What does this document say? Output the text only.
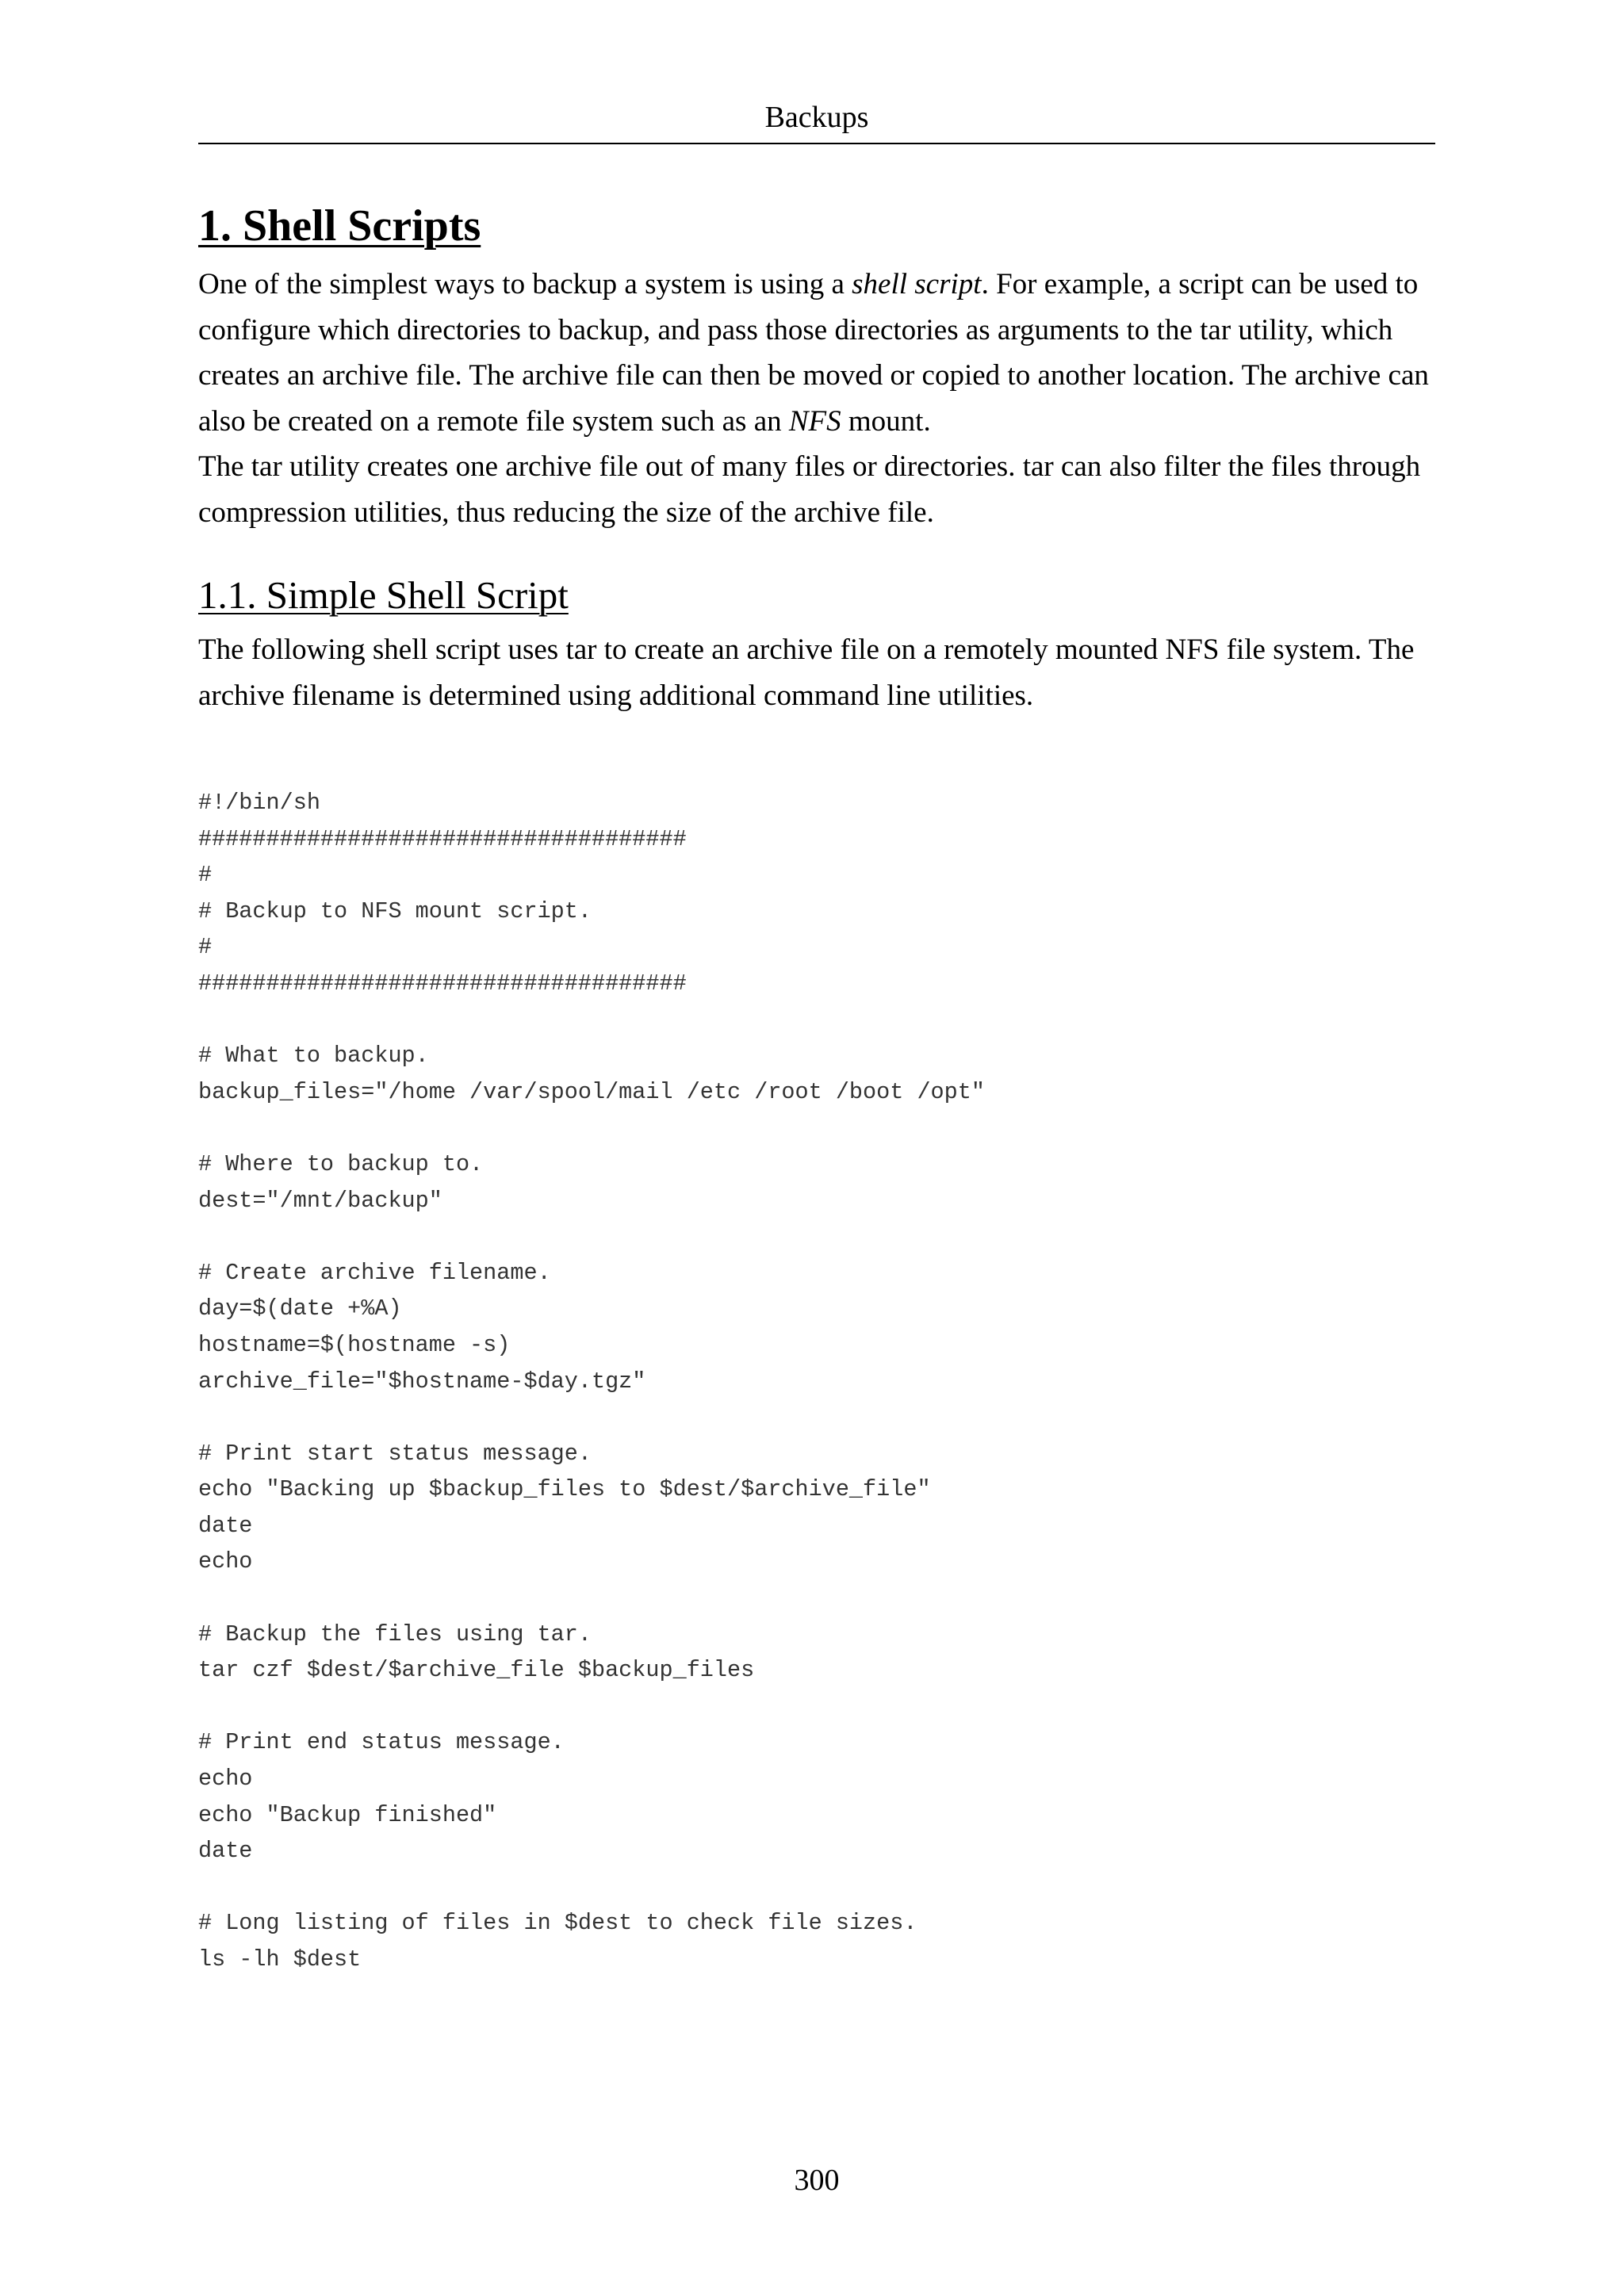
Backups
1. Shell Scripts

One of the simplest ways to backup a system is using a shell script. For example, a script can be used to configure which directories to backup, and pass those directories as arguments to the tar utility, which creates an archive file. The archive file can then be moved or copied to another location. The archive can also be created on a remote file system such as an NFS mount.

The tar utility creates one archive file out of many files or directories. tar can also filter the files through compression utilities, thus reducing the size of the archive file.

1.1. Simple Shell Script

The following shell script uses tar to create an archive file on a remotely mounted NFS file system. The archive filename is determined using additional command line utilities.

#!/bin/sh
####################################
#
# Backup to NFS mount script.
#
####################################
# What to backup.
backup_files="/home /var/spool/mail /etc /root /boot /opt"
# Where to backup to.
dest="/mnt/backup"
# Create archive filename.
day=$(date +%A)
hostname=$(hostname -s)
archive_file="$hostname-$day.tgz"
# Print start status message.
echo "Backing up $backup_files to $dest/$archive_file"
date
echo
# Backup the files using tar.
tar czf $dest/$archive_file $backup_files
# Print end status message.
echo
echo "Backup finished"
date
# Long listing of files in $dest to check file sizes.
ls -lh $dest
300
